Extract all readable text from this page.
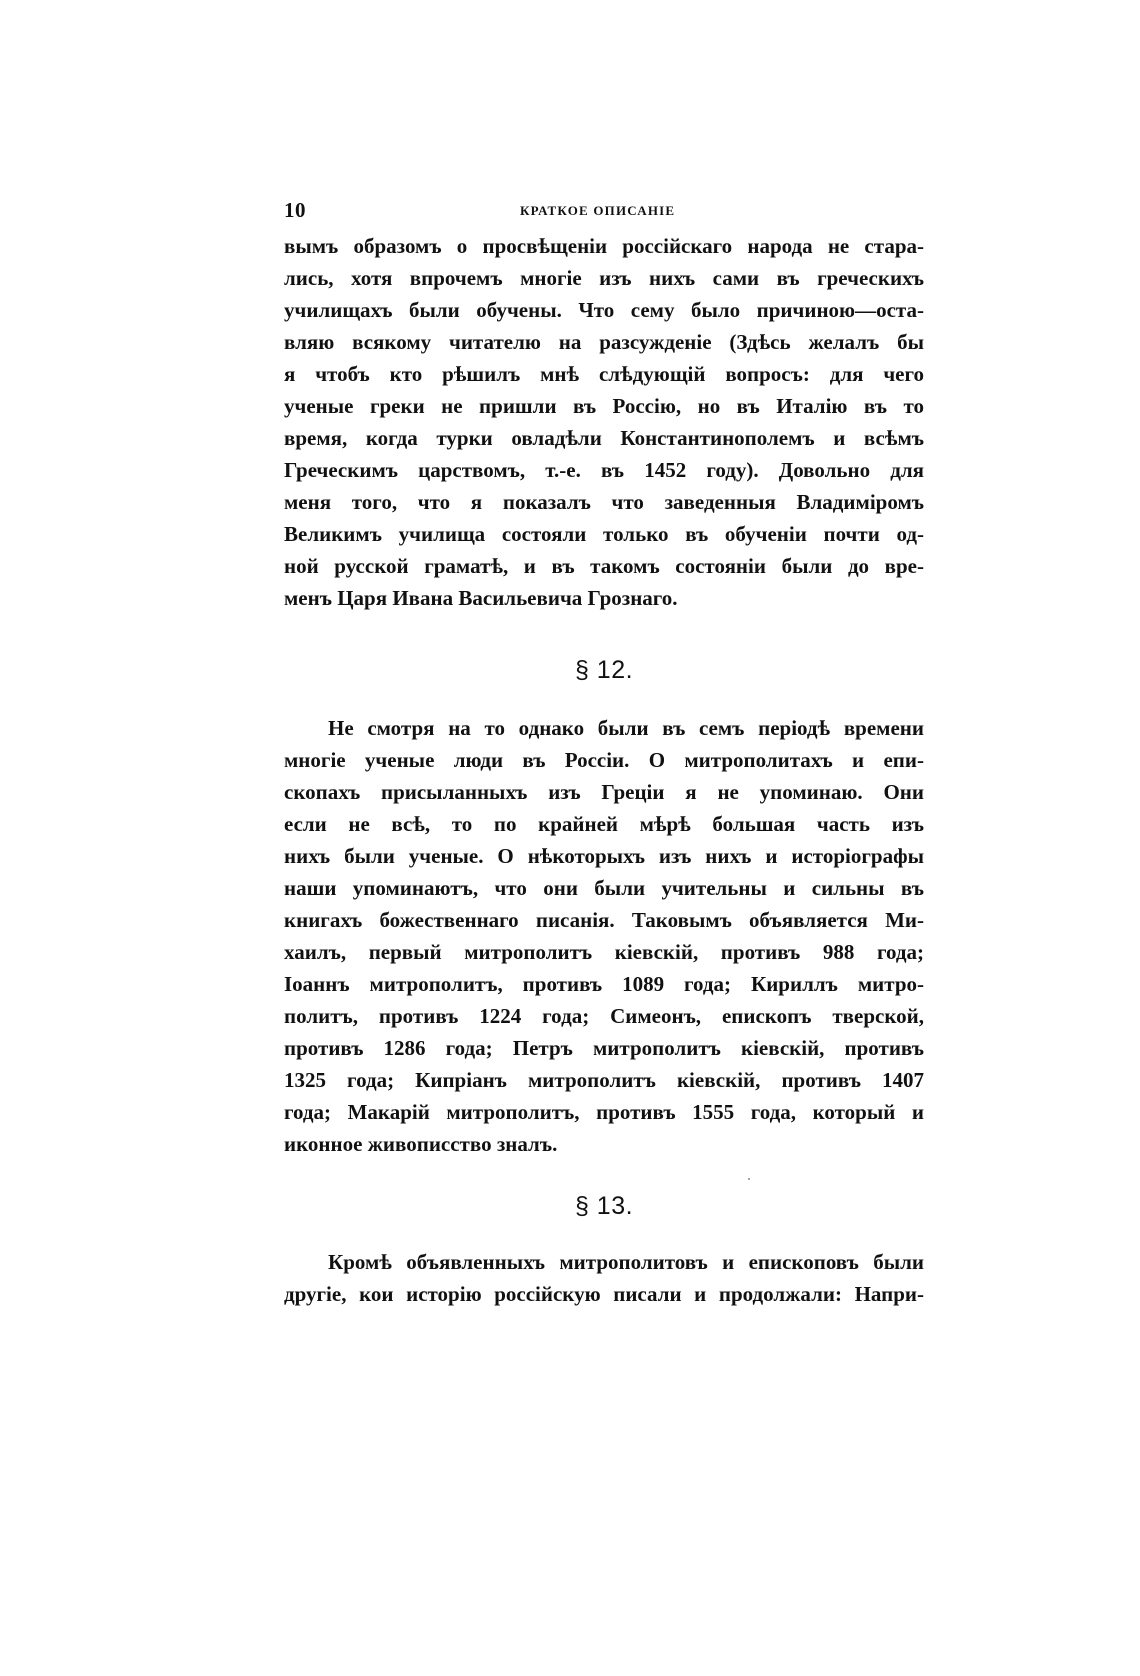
10	КРАТКОЕ ОПИСАНІЕ
вымъ образомъ о просвѣщеніи россійскаго народа не стара-
лись, хотя впрочемъ многіе изъ нихъ сами въ греческихъ
училищахъ были обучены. Что сему было причиною—оста-
вляю всякому читателю на разсужденіе (Здѣсь желалъ бы
я чтобъ кто рѣшилъ мнѣ слѣдующій вопросъ: для чего
ученые греки не пришли въ Россію, но въ Италію въ то
время, когда турки овладѣли Константинополемъ и всѣмъ
Греческимъ царствомъ, т.-е. въ 1452 году). Довольно для
меня того, что я показалъ что заведенныя Владиміромъ
Великимъ училища состояли только въ обученіи почти од-
ной русской граматѣ, и въ такомъ состояніи были до вре-
менъ Царя Ивана Васильевича Грознаго.
§ 12.
Не смотря на то однако были въ семъ періодѣ времени
многіе ученые люди въ Россіи. О митрополитахъ и епи-
скопахъ присыланныхъ изъ Греціи я не упоминаю. Они
если не всѣ, то по крайней мѣрѣ большая часть изъ
нихъ были ученые. О нѣкоторыхъ изъ нихъ и исторіографы
наши упоминаютъ, что они были учительны и сильны въ
книгахъ божественнаго писанія. Таковымъ объявляется Ми-
хаилъ, первый митрополитъ кіевскій, противъ 988 года;
Іоаннъ митрополитъ, противъ 1089 года; Кириллъ митро-
политъ, противъ 1224 года; Симеонъ, епископъ тверской,
противъ 1286 года; Петръ митрополитъ кіевскій, противъ
1325 года; Кипріанъ митрополитъ кіевскій, противъ 1407
года; Макарій митрополитъ, противъ 1555 года, который и
иконное живописство зналъ.
§ 13.
Кромѣ объявленныхъ митрополитовъ и епископовъ были
другіе, кои исторію россійскую писали и продолжали: Напри-
